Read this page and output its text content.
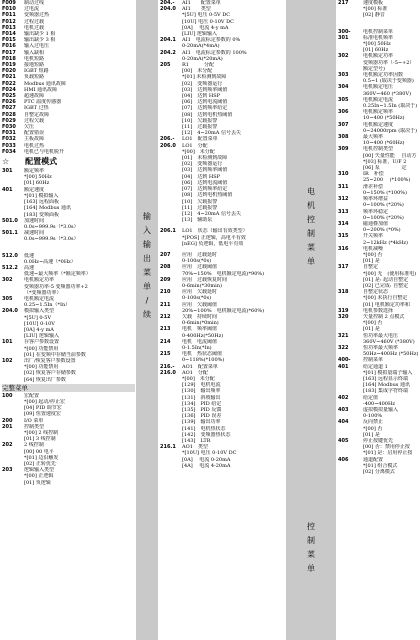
输
入
输
出
菜
单
/
续
电
机
控
制
菜
单
控
制
菜
单
F009 制动过线
F010 过电流
F011 变频器过热
F012 过程过载
F013 电机过载
F014 输出缺少 1 相
F015 输出缺少 3 相
F016 输入过电压
F017 输入缺相
F018 电机短路
F019 接地短路
F020 IGBT 短路
F021 负载短路
F022 Modbus 通讯故障
F024 HMI 通讯故障
F025 超速故障
F026 PTC 温度传感器
F027 IGBT 过热
F028 自整定故障
F029 过程欠载
F030 欠压
F031 配置错误
F032 主板故障
F033 电机过热
F034 电机已与电机脱开
☆　　配置模式
301 额定频率
*[00] 50Hz
[01] 60Hz
401 额定速度
*[01] 模拟输入
[163] 远程面板
[164] Modbus 通讯
[183] 变频面板
501.0 加速时间
0.0s~999.9s（*3.0s）
501.1 减速时间
0.0s~999.9s（*3.0s）
512.0 低速
0.0Hz~高速（*0Hz）
512.2 高速
低速~最大频率（*额定频率）
302 电机额定功率
变频器功率-5 变频器功率+2
（*变频器功率）
305 电机额定电流
0.25~1.5In（*In）
204.0 模拟输入类型
*[5U] 0-5V
[10U] 0-10V
[0A] 4-y mA
[LIU] 逻辑输入
101 存客户参数设置
*[00] 功能禁用
[01] 在变频中存储当前参数
102 出厂/恢复客户参数设置
*[00] 功能禁用
[02] 恢复客户存储参数
[64] 恢复出厂参数
完整菜单
100 宏配置
*[00] 起动/停止宏
[04] PID 调节宏
[09] 恒置速度宏
200 I/O 菜单
201 控制类型
*[00] 2 线控制
[01] 3 线控制
202 2 线控制
[00] 00 电平
*[01] 边沿触发
[02] 正转优先
203 逻辑输入类型
*[00] 正逻辑
[01] 负逻辑
204.- AI1　　配置菜单
204.0 AI1　　类型
*[5U] 电压 0-5V DC
[10U] 电压 0-10V DC
[0A]　 电流 4-y mA
[LIU] 逻辑输入
204.1 AI1　电流标定参数的 0%
0-20mA(*4mA)
204.2 AI1　电流标定参数的 100%
0-20mA(*20mA)
205 R1　　　分配
[00]　未分配
*[01] 未检测到故障
[02]　变频器运行
[03]　达到频率阈值
[04]　达到 HSP
[06]　达到电流阈值
[07]　达到频率给定
[08]　达到电机热阈值
[10]　欠载报警
[11]　过载报警
[12]　4~20mA 信号丢失
206.- LO1　配置菜单
206.0 LO1　分配
*[00]　未分配
[01]　未检测到故障
[02]　变频器运行
[03]　达到频率阈值
[04]　达到 HSP
[06]　达到电流阈值
[07]　达到频率给定
[08]　达到电机热阈值
[10]　欠载报警
[11]　过载报警
[12]　4~20mA 信号丢失
[13]　辅助泵
206.1 LO1　状态（输出有效类型）
*[POS] 正逻辑，高电平有效
[nEG] 负逻辑，低电平有效
207 应用　过载延时
0-100s(*0s)
208 应用　过载阈值
70%~150%　电机额定电流(*90%)
209 应用　过载恢复时间
0-6min(*30min)
210 应用　欠载延时
0-100s(*0s)
211 应用　欠载阈值
20%~100%　电机额定电流(*60%)
212 欠载　持续时间
0-6min(*0min)
213 电机　频率阈值
0-400Hz(*50Hz)
214 电机　电流阈值
0-1.5In(*In)
215 电机　热状态阈值
0~118%(*100%)
216.- AO1　配置菜单
216.0 AO1　分配
*[00]　未分配
[129]　电机电流
[130]　输出频率
[131]　斜坡输出
[134]　PID 给定
[135]　PID 反馈
[136]　PID 误差
[139]　输出功率
[141]　电机热状态
[142]　变频器热状态
[143]　LTR
216.1 AO1　类型
*[10U] 电压 0-10V DC
[0A]　 电流 0-20mA
[4A]　 电流 4-20mA
217	速度模板
*[00] 标准
[02] 静音
300- 电机控制菜单
301	标准电机频率
*[00] 50Hz
[01] 60Hz
302	电机额定功率
变频器功率（-5~+2）
额定型号)
303	电机额定功率因数
0.5~1 (取决于变频器)
304	电机额定电压
360V~460 (*380V)
305	电机额定电流
0.25In~1.5In (取决于)
306	电机额定频率
10~400 (*50Hz)
307	电机额定速度
0~24000rpm (取决于)
308	最大频率
10~400 (*60Hz)
309	电机控制类型
[00] 矢量性能　 自动方
*[03] 标准，U/F 2
[06] 泵　　　　 定
310	IR　补偿
25~200　 (*100%)
311	滑差补偿
0~150% (*100%)
312	频率环增益
0~100% (*20%)
313	频率环稳定
0~100% (*20%)
314	磁通叠加值
0~200% (*0%)
315	开关频率
2~12kHz (*4kHz)
316	电机减噪
*[00] 否
[01] 是
317	自整定
*[00] 无　(使用标准电)
[01] 是: 起动自整定
[02] 已完成: 自整定
318	自整定状态
*[00] 未执行自整定
[01] 电机额定功率和
319	电机参数选择
320	矢量控制 2 点模式
*[00] 否
[01] 是
321	恒功率最大电压
360V~460V (*380V)
322	恒功率最大频率
50Hz~400Hz (*50Hz)
400- 控制菜单
401	给定通道 1
*[01] 模拟量端子输入
[163] 远程显示终端
[164] Modbus 通讯
[183] 集成字符终端
402	给定值
-400~400Hz
403	虚拟模拟量输入
0-100%
404	反向禁止
*[00] 否
[01] 是
405	停止按键优先
[00] 否：禁用停止按
*[01] 是：启用停止按
406	通道配置
*[01] 组合模式
[02] 分离模式
